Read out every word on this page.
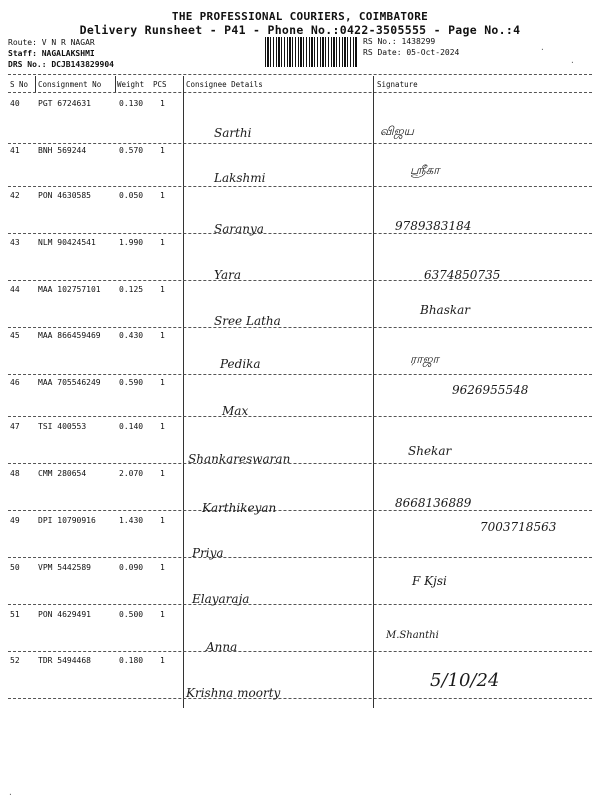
THE PROFESSIONAL COURIERS, COIMBATORE
Delivery Runsheet - P41 - Phone No.:0422-3505555 - Page No.:4
Route: V N R NAGAR
Staff: NAGALAKSHMI
DRS No.: DCJB143829904
RS No.: 1438299
RS Date: 05-Oct-2024	·
·
S No Consignment No Weight PCS	Consignee Details	Signature
40 PGT 6724631	0.130 1
Sarthi	விஜய
41 BNH 569244	0.570 1
Lakshmi
ஸ்ரீகா
42 PON 4630585	0.050 1
Saranya	9789383184
43 NLM 90424541	1.990 1
Yara	6374850735
44 MAA 102757101 0.125 1
Sree Latha
Bhaskar
45 MAA 866459469 0.430 1
Pedika	ராஜா
46 MAA 705546249 0.590 1
Max
9626955548
47 TSI 400553	0.140 1
Shankareswaran
Shekar
48 CMM 280654	2.070 1
Karthikeyan	8668136889
49 DPI 10790916	1.430 1
Priya
7003718563
50 VPM 5442589	0.090 1
Elayaraja
F Kjsi
51 PON 4629491	0.500 1
Anna
M.Shanthi
52 TDR 5494468	0.180 1
Krishna moorty
5/10/24
·
